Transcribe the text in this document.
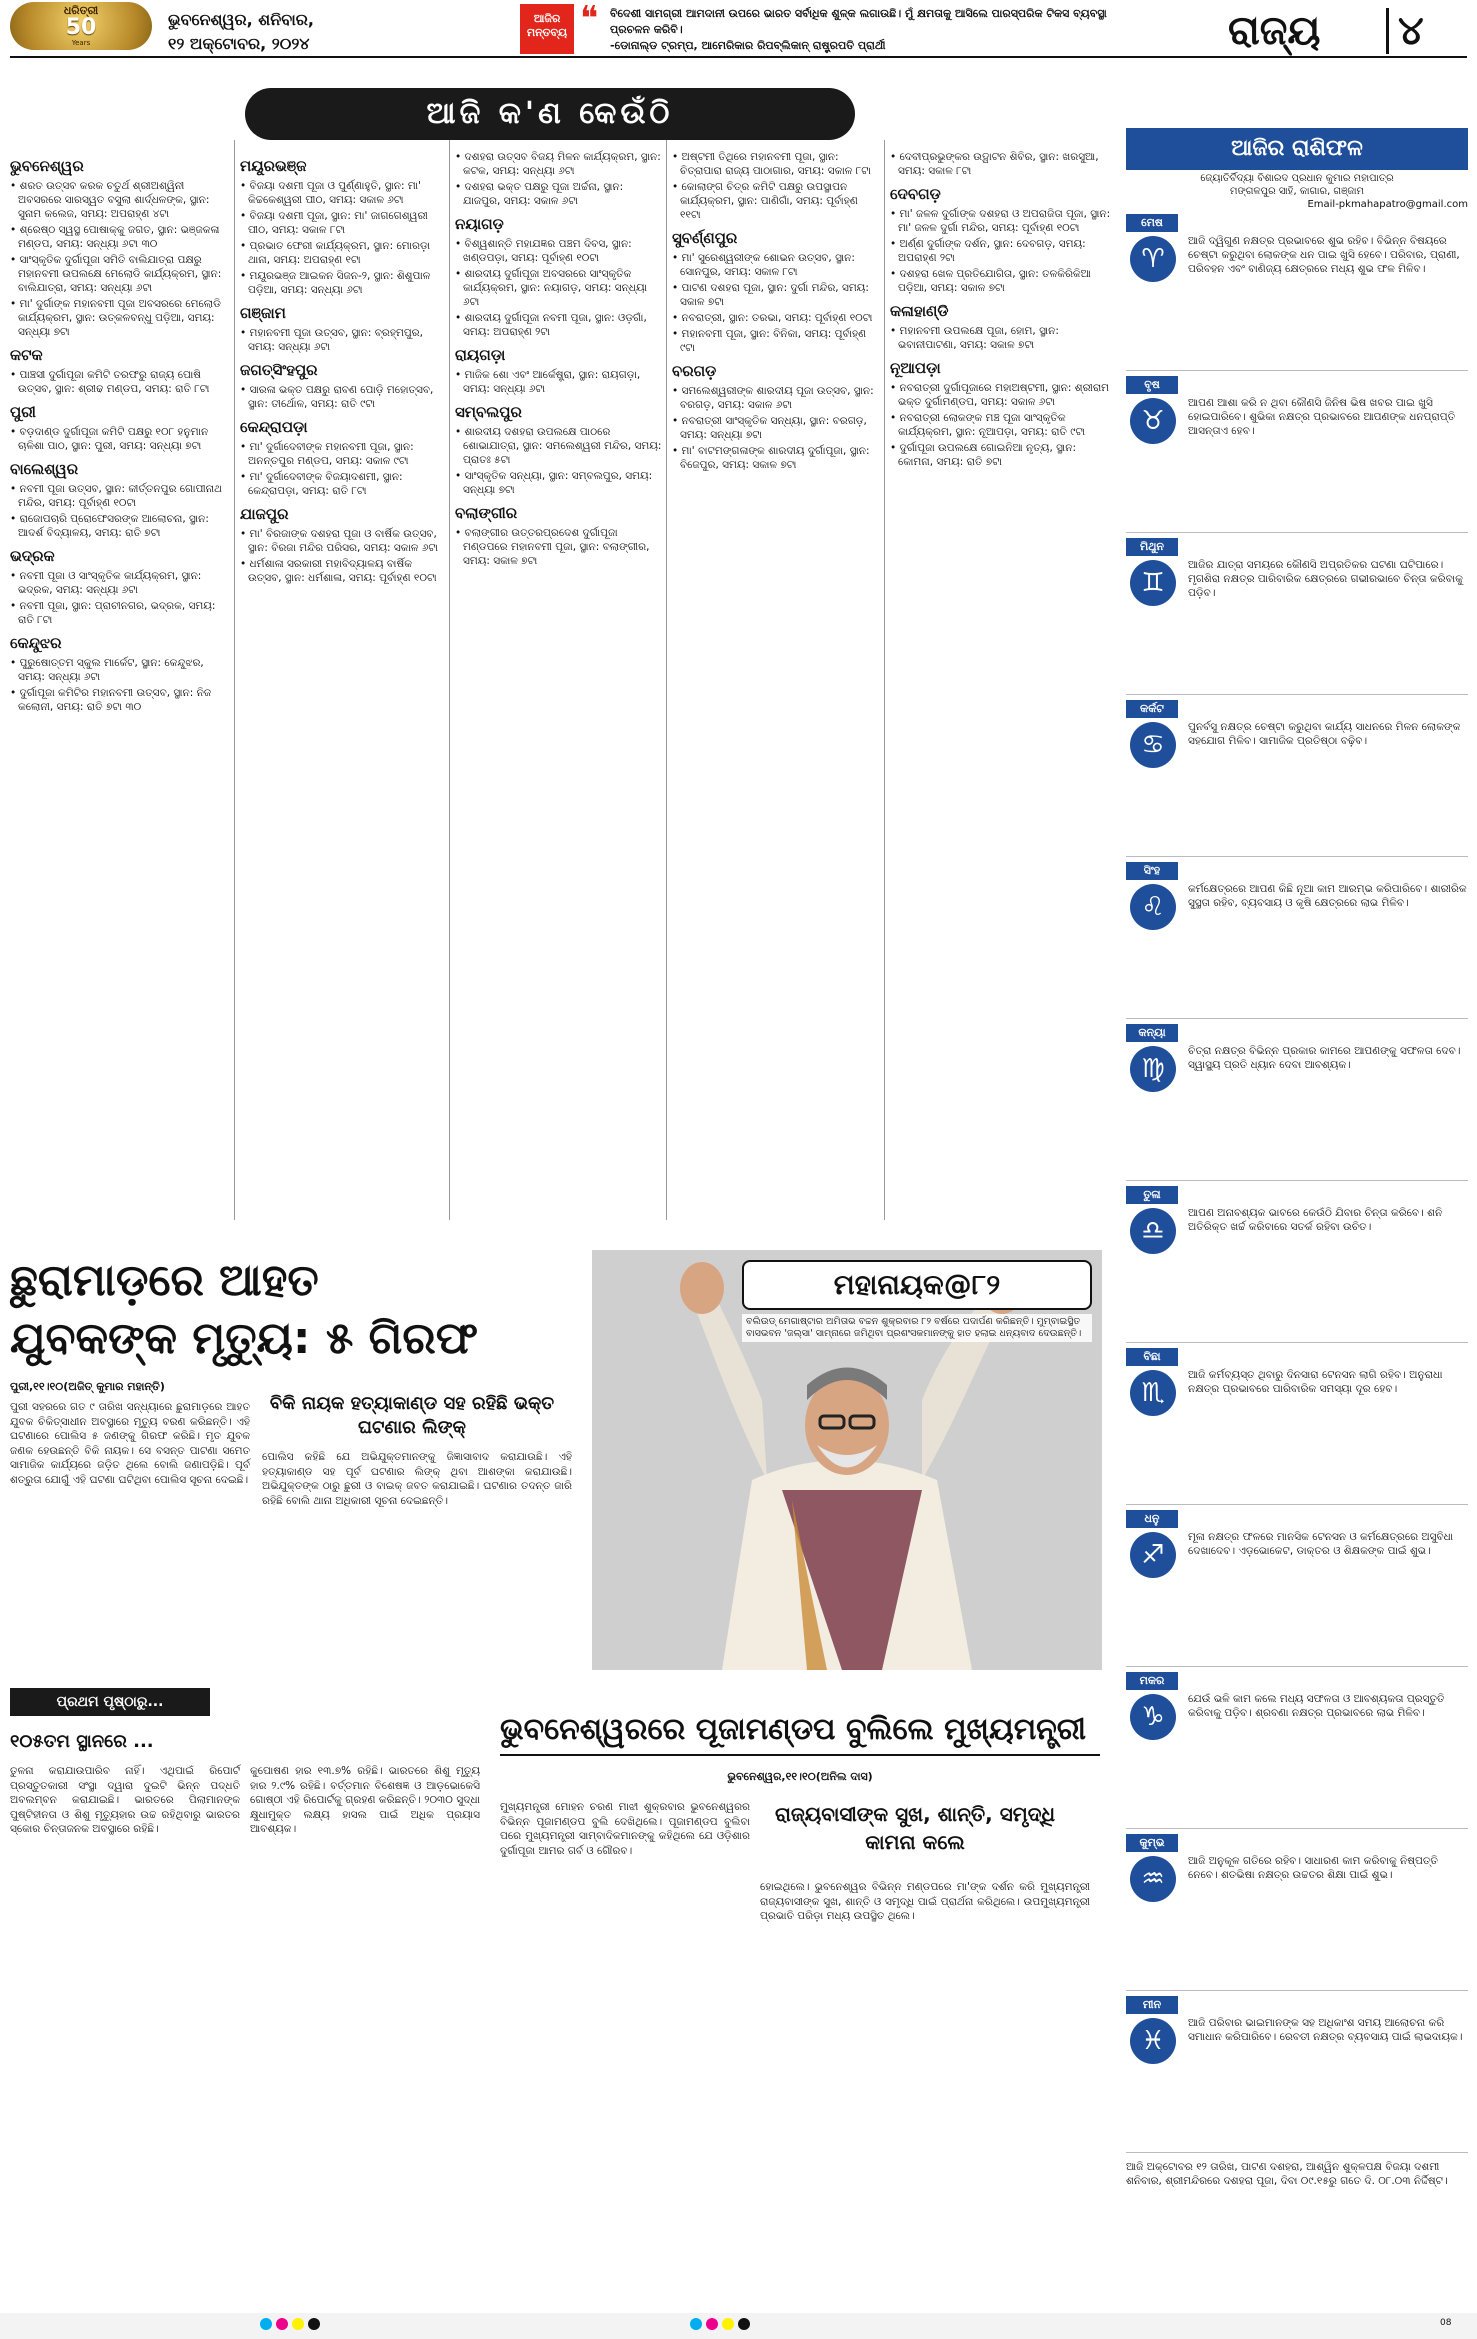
ଧରିତ୍ରୀ
50
Years
ଭୁବନେଶ୍ୱର, ଶନିବାର,
୧୨ ଅକ୍ଟୋବର, ୨୦୨୪
ଆଜିର ମନ୍ତବ୍ୟ ❝ ବିଦେଶୀ ସାମଗ୍ରୀ ଆମଦାନୀ ଉପରେ ଭାରତ ସର୍ବାଧିକ ଶୁଳ୍କ ଲଗାଉଛି। ମୁଁ କ୍ଷମତାକୁ ଆସିଲେ ପାରସ୍ପରିକ ଟିକସ ବ୍ୟବସ୍ଥା ପ୍ରଚଳନ କରିବି।
-ଡୋନାଲ୍ଡ ଟ୍ରମ୍ପ, ଆମେରିକାର ରିପବ୍ଲିକାନ୍ ରାଷ୍ଟ୍ରପତି ପ୍ରାର୍ଥୀ	ରାଜ୍ୟ	୪
ଆଜି କ'ଣ କେଉଁଠି
ଭୁବନେଶ୍ୱର
• ଶରତ ଉତ୍ସବ କରକ ଚତୁର୍ଥ ଶ୍ରୀଅଶ୍ୱିନୀ ଅବସରରେ ସାରସ୍ୱତ ବସୁଲା ଶାର୍ଦ୍ଧଳଙ୍କ, ସ୍ଥାନ: ସୁନାମ କଲେଜ, ସମୟ: ଅପରାହ୍ଣ ୪ଟା
• ଶ୍ରେଷ୍ଠ ସ୍ୱସ୍ଥ ପୋଷାକ୍କୁ ଜଗତ, ସ୍ଥାନ: ଭଞ୍ଜକଳା ମଣ୍ଡପ, ସମୟ: ସନ୍ଧ୍ୟା ୬ଟା ୩୦
• ସାଂସ୍କୃତିକ ଦୁର୍ଗାପୂଜା ସମିତି ବାଲିଯାତ୍ରା ପକ୍ଷରୁ ମହାନବମୀ ଉପଲକ୍ଷେ ମେଲୋଡି କାର୍ଯ୍ୟକ୍ରମ, ସ୍ଥାନ: ବାଲିଯାତ୍ରା, ସମୟ: ସନ୍ଧ୍ୟା ୬ଟା
• ମା' ଦୁର୍ଗାଙ୍କ ମହାନବମୀ ପୂଜା ଅବସରରେ ମେଲୋଡି କାର୍ଯ୍ୟକ୍ରମ, ସ୍ଥାନ: ଉତ୍କଳବନ୍ଧୁ ପଡ଼ିଆ, ସମୟ: ସନ୍ଧ୍ୟା ୭ଟା
କଟକ
• ପାଞ୍ଚସୀ ଦୁର୍ଗାପୂଜା କମିଟି ତରଫରୁ ରାଜ୍ୟ ପୋଷି ଉତ୍ସବ, ସ୍ଥାନ: ଶ୍ରୀଢ ମଣ୍ଡପ, ସମୟ: ରାତି ୮ଟା
ପୁରୀ
• ବଡ଼ଦାଣ୍ଡ ଦୁର୍ଗାପୂଜା କମିଟି ପକ୍ଷରୁ ୧୦୮ ହନୁମାନ ଚାଳିଶା ପାଠ, ସ୍ଥାନ: ପୁରୀ, ସମୟ: ସନ୍ଧ୍ୟା ୭ଟା
ବାଲେଶ୍ୱର
• ନବମୀ ପୂଜା ଉତ୍ସବ, ସ୍ଥାନ: କୀର୍ତ୍ତନପୁର ଗୋପୀନାଥ ମନ୍ଦିର, ସମୟ: ପୂର୍ବାହ୍ଣ ୧୦ଟା
• ରାଜୋପଚାରି ପ୍ରୋଫେସରଙ୍କ ଆଲୋଚନା, ସ୍ଥାନ: ଆଦର୍ଶ ବିଦ୍ୟାଳୟ, ସମୟ: ରାତି ୭ଟା
ଭଦ୍ରକ
• ନବମୀ ପୂଜା ଓ ସାଂସ୍କୃତିକ କାର୍ଯ୍ୟକ୍ରମ, ସ୍ଥାନ: ଭଦ୍ରକ, ସମୟ: ସନ୍ଧ୍ୟା ୬ଟା
• ନବମୀ ପୂଜା, ସ୍ଥାନ: ପ୍ରାଚୀନଗର, ଭଦ୍ରକ, ସମୟ: ରାତି ୮ଟା
କେନ୍ଦୁଝର
• ପୁରୁଷୋତ୍ତମ ସ୍କୁଲ ମାର୍କେଟ, ସ୍ଥାନ: କେନ୍ଦୁଝର, ସମୟ: ସନ୍ଧ୍ୟା ୬ଟା
• ଦୁର୍ଗାପୂଜା କମିଟିର ମହାନବମୀ ଉତ୍ସବ, ସ୍ଥାନ: ନିଜ କଲୋନୀ, ସମୟ: ରାତି ୭ଟା ୩୦
ମୟୂରଭଞ୍ଜ
• ବିଜୟା ଦଶମୀ ପୂଜା ଓ ପୁର୍ଣ୍ଣାହୁତି, ସ୍ଥାନ: ମା' କିଚ୍ଚକେଶ୍ୱରୀ ପୀଠ, ସମୟ: ସକାଳ ୬ଟା
• ବିଜୟା ଦଶମୀ ପୂଜା, ସ୍ଥାନ: ମା' ଜାଗଗେଶ୍ୱରୀ ପୀଠ, ସମୟ: ସକାଳ ୮ଟା
• ପ୍ରଭାତ ଫେରୀ କାର୍ଯ୍ୟକ୍ରମ, ସ୍ଥାନ: ମୋରଡ଼ା ଥାନା, ସମୟ: ଅପରାହ୍ଣ ୧ଟା
• ମୟୂରଭଞ୍ଜ ଆଇକନ ସିଜନ-୨, ସ୍ଥାନ: ଶିଶୁପାଳ ପଡ଼ିଆ, ସମୟ: ସନ୍ଧ୍ୟା ୬ଟା
ଗଞ୍ଜାମ
• ମହାନବମୀ ପୂଜା ଉତ୍ସବ, ସ୍ଥାନ: ବ୍ରହ୍ମପୁର, ସମୟ: ସନ୍ଧ୍ୟା ୬ଟା
ଜଗତ୍ସିଂହପୁର
• ସାରଳା ଭକ୍ତ ପକ୍ଷରୁ ରାବଣ ପୋଡ଼ି ମହୋତ୍ସବ, ସ୍ଥାନ: ତୀର୍ଥୋଳ, ସମୟ: ରାତି ୯ଟା
କେନ୍ଦ୍ରାପଡ଼ା
• ମା' ଦୁର୍ଗାଦେବୀଙ୍କ ମହାନବମୀ ପୂଜା, ସ୍ଥାନ: ଅନନ୍ତପୁର ମଣ୍ଡପ, ସମୟ: ସକାଳ ୯ଟା
• ମା' ଦୁର୍ଗାଦେବୀଙ୍କ ବିଜୟାଦଶମୀ, ସ୍ଥାନ: କେନ୍ଦ୍ରାପଡ଼ା, ସମୟ: ରାତି ୮ଟା
ଯାଜପୁର
• ମା' ବିରଜାଙ୍କ ଦଶହରା ପୂଜା ଓ ବାର୍ଷିକ ଉତ୍ସବ, ସ୍ଥାନ: ବିରଜା ମନ୍ଦିର ପରିସର, ସମୟ: ସକାଳ ୬ଟା
• ଧର୍ମଶାଳା ସରକାରୀ ମହାବିଦ୍ୟାଳୟ ବାର୍ଷିକ ଉତ୍ସବ, ସ୍ଥାନ: ଧର୍ମଶାଳା, ସମୟ: ପୂର୍ବାହ୍ଣ ୧୦ଟା
• ଦଶହରା ଉତ୍ସବ ବିଜୟ ମିଳନ କାର୍ଯ୍ୟକ୍ରମ, ସ୍ଥାନ: କଟକ, ସମୟ: ସନ୍ଧ୍ୟା ୬ଟା
• ଦଶହରା ଭକ୍ତ ପକ୍ଷରୁ ପୂଜା ଅର୍ଚ୍ଚନା, ସ୍ଥାନ: ଯାଜପୁର, ସମୟ: ସକାଳ ୬ଟା
ନୟାଗଡ଼
• ବିଶ୍ୱଶାନ୍ତି ମହାଯଜ୍ଞର ପଞ୍ଚମ ଦିବସ, ସ୍ଥାନ: ଖଣ୍ଡପଡ଼ା, ସମୟ: ପୂର୍ବାହ୍ଣ ୧୦ଟା
• ଶାରଦୀୟ ଦୁର୍ଗାପୂଜା ଅବସରରେ ସାଂସ୍କୃତିକ କାର୍ଯ୍ୟକ୍ରମ, ସ୍ଥାନ: ନୟାଗଡ଼, ସମୟ: ସନ୍ଧ୍ୟା ୬ଟା
• ଶାରଦୀୟ ଦୁର୍ଗାପୂଜା ନବମୀ ପୂଜା, ସ୍ଥାନ: ଓଡ଼ଗାଁ, ସମୟ: ଅପରାହ୍ଣ ୨ଟା
ରାୟଗଡ଼ା
• ମାଜିକ ଶୋ ଏବଂ ଆର୍କେଷ୍ଟ୍ରା, ସ୍ଥାନ: ରାୟଗଡ଼ା, ସମୟ: ସନ୍ଧ୍ୟା ୬ଟା
ସମ୍ବଲପୁର
• ଶାରଦୀୟ ଦଶହରା ଉପଲକ୍ଷେ ପାଠରେ ଶୋଭାଯାତ୍ରା, ସ୍ଥାନ: ସମଲେଶ୍ୱରୀ ମନ୍ଦିର, ସମୟ: ପ୍ରାତଃ ୫ଟା
• ସାଂସ୍କୃତିକ ସନ୍ଧ୍ୟା, ସ୍ଥାନ: ସମ୍ବଲପୁର, ସମୟ: ସନ୍ଧ୍ୟା ୭ଟା
ବଲାଙ୍ଗୀର
• ବଲାଙ୍ଗୀର ଉତ୍ତରପ୍ରଦେଶ ଦୁର୍ଗାପୂଜା ମଣ୍ଡପରେ ମହାନବମୀ ପୂଜା, ସ୍ଥାନ: ବଲାଙ୍ଗୀର, ସମୟ: ସକାଳ ୭ଟା
• ଅଷ୍ଟମୀ ତିଥିରେ ମହାନବମୀ ପୂଜା, ସ୍ଥାନ: ଚିତ୍ରାପାରା ରାଜ୍ୟ ପାଠାଗାର, ସମୟ: ସକାଳ ୮ଟା
• କୋଲାଙ୍ଗ ଚିତ୍ର କମିଟି ପକ୍ଷରୁ ଉପସ୍ଥାପନ କାର୍ଯ୍ୟକ୍ରମ, ସ୍ଥାନ: ପାଣିଗାଁ, ସମୟ: ପୂର୍ବାହ୍ଣ ୧୧ଟା
ସୁବର୍ଣ୍ଣପୁର
• ମା' ସୁରେଶ୍ୱରୀଙ୍କ ଶୋଭନ ଉତ୍ସବ, ସ୍ଥାନ: ସୋନପୁର, ସମୟ: ସକାଳ ୮ଟା
• ପାଟଣ ଦଶହରା ପୂଜା, ସ୍ଥାନ: ଦୁର୍ଗା ମନ୍ଦିର, ସମୟ: ସକାଳ ୭ଟା
• ନବରାତ୍ରୀ, ସ୍ଥାନ: ତରଭା, ସମୟ: ପୂର୍ବାହ୍ଣ ୧୦ଟା
• ମହାନବମୀ ପୂଜା, ସ୍ଥାନ: ବିନିକା, ସମୟ: ପୂର୍ବାହ୍ଣ ୯ଟା
ବରଗଡ଼
• ସମଲେଶ୍ୱରୀଙ୍କ ଶାରଦୀୟ ପୂଜା ଉତ୍ସବ, ସ୍ଥାନ: ବରଗଡ଼, ସମୟ: ସକାଳ ୬ଟା
• ନବରାତ୍ରୀ ସାଂସ୍କୃତିକ ସନ୍ଧ୍ୟା, ସ୍ଥାନ: ବରଗଡ଼, ସମୟ: ସନ୍ଧ୍ୟା ୭ଟା
• ମା' ବାଟମଙ୍ଗଳାଙ୍କ ଶାରଦୀୟ ଦୁର୍ଗାପୂଜା, ସ୍ଥାନ: ବିଜେପୁର, ସମୟ: ସକାଳ ୭ଟା
• ଦେବୀପ୍ରଭୁଙ୍କର ଉଦ୍ଘାଟନ ଶିବିର, ସ୍ଥାନ: ଖରସୁଆ, ସମୟ: ସକାଳ ୮ଟା
ଦେବଗଡ଼
• ମା' ଜଳଳ ଦୁର୍ଗାଙ୍କ ଦଶହରା ଓ ଅପରାଜିତା ପୂଜା, ସ୍ଥାନ: ମା' ଜଳଳ ଦୁର୍ଗା ମନ୍ଦିର, ସମୟ: ପୂର୍ବାହ୍ଣ ୧୦ଟା
• ଅର୍ଣ୍ଣ ଦୁର୍ଗାଙ୍କ ଦର୍ଶନ, ସ୍ଥାନ: ଦେବଗଡ଼, ସମୟ: ଅପରାହ୍ଣ ୨ଟା
• ଦଶହରା ଖେଳ ପ୍ରତିଯୋଗିତା, ସ୍ଥାନ: ତଳକିରିକିଆ ପଡ଼ିଆ, ସମୟ: ସକାଳ ୭ଟା
କଳାହାଣ୍ଡି
• ମହାନବମୀ ଉପଲକ୍ଷେ ପୂଜା, ହୋମ, ସ୍ଥାନ: ଭବାନୀପାଟଣା, ସମୟ: ସକାଳ ୭ଟା
ନୂଆପଡ଼ା
• ନବରାତ୍ରୀ ଦୁର୍ଗାପୂଜାରେ ମହାଅଷ୍ଟମୀ, ସ୍ଥାନ: ଶ୍ରୀରାମ ଭକ୍ତ ଦୁର୍ଗାମଣ୍ଡପ, ସମୟ: ସକାଳ ୬ଟା
• ନବରାତ୍ରୀ ଲୋକଙ୍କ ମଞ୍ଚ ପୂଜା ସାଂସ୍କୃତିକ କାର୍ଯ୍ୟକ୍ରମ, ସ୍ଥାନ: ନୂଆପଡ଼ା, ସମୟ: ରାତି ୯ଟା
• ଦୁର୍ଗାପୂଜା ଉପଲକ୍ଷେ ଗୋଇନିଆ ନୃତ୍ୟ, ସ୍ଥାନ: କୋମନା, ସମୟ: ରାତି ୭ଟା
ଆଜିର ରାଶିଫଳ
ଜ୍ୟୋତିର୍ବିଦ୍ୟା ବିଶାରଦ ପ୍ରଧାନ କୁମାର ମହାପାତ୍ର
ମଙ୍ଗଳପୁର ସାହି, କାଗାର, ଗଞ୍ଜାମ
Email-pkmahapatro@gmail.com
ମେଷ
♈
ଆଜି ଦ୍ୱିଗୁଣ ନକ୍ଷତ୍ର ପ୍ରଭାବରେ ଶୁଭ ରହିବ। ବିଭିନ୍ନ ବିଷୟରେ ଚେଷ୍ଟା କରୁଥିବା ଲୋକଙ୍କ ଧନ ପାଇ ଖୁସି ହେବେ। ପରିବାର, ପ୍ରାଣୀ, ପରିବହନ ଏବଂ ବାଣିଜ୍ୟ କ୍ଷେତ୍ରରେ ମଧ୍ୟ ଶୁଭ ଫଳ ମିଳିବ।
ବୃଷ
♉
ଆପଣ ଆଶା କରି ନ ଥିବା କୌଣସି ଜିନିଷ ଭିଷ ଖବର ପାଇ ଖୁସି ହୋଇପାରିବେ। ଶୁଭିକା ନକ୍ଷତ୍ର ପ୍ରଭାବରେ ଆପଣଙ୍କ ଧନପ୍ରାପ୍ତି ଆସନ୍ତାଏ ହେବ।
ମିଥୁନ
♊
ଆଜିର ଯାତ୍ରା ସମୟରେ କୌଣସି ଅପ୍ରତିକର ଘଟଣା ଘଟିପାରେ। ମୃଗଶିରା ନକ୍ଷତ୍ର ପାରିବାରିକ କ୍ଷେତ୍ରରେ ଗଭୀରଭାବେ ଚିନ୍ତା କରିବାକୁ ପଡ଼ିବ।
କର୍କଟ
♋
ପୁନର୍ବସୁ ନକ୍ଷତ୍ର ଚେଷ୍ଟା କରୁଥିବା କାର୍ଯ୍ୟ ସାଧନରେ ମିଳନ ଲୋକଙ୍କ ସହଯୋଗ ମିଳିବ। ସାମାଜିକ ପ୍ରତିଷ୍ଠା ବଢ଼ିବ।
ସିଂହ
♌
କର୍ମକ୍ଷେତ୍ରରେ ଆପଣ କିଛି ନୂଆ କାମ ଆରମ୍ଭ କରିପାରିବେ। ଶାରୀରିକ ସୁସ୍ଥତା ରହିବ, ବ୍ୟବସାୟ ଓ କୃଷି କ୍ଷେତ୍ରରେ ଲାଭ ମିଳିବ।
କନ୍ୟା
♍
ଚିତ୍ରା ନକ୍ଷତ୍ର ବିଭିନ୍ନ ପ୍ରକାର କାମରେ ଆପଣଙ୍କୁ ସଫଳତା ଦେବ। ସ୍ୱାସ୍ଥ୍ୟ ପ୍ରତି ଧ୍ୟାନ ଦେବା ଆବଶ୍ୟକ।
ତୁଳା
♎
ଆପଣ ଅନାବଶ୍ୟକ ଭାବରେ କେଉଁଠି ଯିବାର ଚିନ୍ତା କରିବେ। ଶନି ଅତିରିକ୍ତ ଖର୍ଚ୍ଚ କରିବାରେ ସତର୍କ ରହିବା ଉଚିତ।
ବିଛା
♏
ଆଜି କର୍ମବ୍ୟସ୍ତ ଥିବାରୁ ଦିନସାରା ଟେନସନ ଲାଗି ରହିବ। ଅନୁରାଧା ନକ୍ଷତ୍ର ପ୍ରଭାବରେ ପାରିବାରିକ ସମସ୍ୟା ଦୂର ହେବ।
ଧନୁ
♐
ମୂଳା ନକ୍ଷତ୍ର ଫଳରେ ମାନସିକ ଟେନସନ ଓ କର୍ମକ୍ଷେତ୍ରରେ ଅସୁବିଧା ଦେଖାଦେବ। ଏଡ଼ଭୋକେଟ, ଡାକ୍ତର ଓ ଶିକ୍ଷକଙ୍କ ପାଇଁ ଶୁଭ।
ମକର
♑
ଯେଉଁ ଭଳି କାମ କଲେ ମଧ୍ୟ ସଫଳତା ଓ ଆବଶ୍ୟକତା ପ୍ରସ୍ତୁତି କରିବାକୁ ପଡ଼ିବ। ଶ୍ରବଣା ନକ୍ଷତ୍ର ପ୍ରଭାବରେ ଲାଭ ମିଳିବ।
କୁମ୍ଭ
♒
ଆଜି ଅନୁକୂଳ ଗତିରେ ରହିବ। ସାଧାରଣ କାମ କରିବାକୁ ନିଷ୍ପତ୍ତି ନେବେ। ଶତଭିଷା ନକ୍ଷତ୍ର ଉଚ୍ଚତର ଶିକ୍ଷା ପାଇଁ ଶୁଭ।
ମୀନ
♓
ଆଜି ପରିବାର ଭାଇମାନଙ୍କ ସହ ଅଧିକାଂଶ ସମୟ ଆଲୋଚନା କରି ସମାଧାନ କରିପାରିବେ। ରେବତୀ ନକ୍ଷତ୍ର ବ୍ୟବସାୟ ପାଇଁ ଲାଭଦାୟକ।
ଆଜି ଅକ୍ଟୋବର ୧୨ ତାରିଖ, ପାଟଣ ଦଶହରା, ଆଶ୍ୱିନ ଶୁକ୍ଳପକ୍ଷ ବିଜୟା ଦଶମୀ ଶନିବାର, ଶ୍ରୀମନ୍ଦିରରେ ଦଶହରା ପୂଜା, ଦିବା ୦୯.୧୫ରୁ ଗତେ ଦି. ୦୮.୦୩ ନିର୍ଦ୍ଦିଷ୍ଟ।
ଛୁରାମାଡ଼ରେ ଆହତ
ଯୁବକଙ୍କ ମୃତ୍ୟୁ: ୫ ଗିରଫ
ପୁରୀ,୧୧।୧୦(ଅଜିତ୍ କୁମାର ମହାନ୍ତି)
ବିକି ନାୟକ ହତ୍ୟାକାଣ୍ଡ ସହ ରହିଛି ଭକ୍ତ ଘଟଣାର ଲିଙ୍କ୍
ପୁରୀ ସହରରେ ଗତ ୯ ତାରିଖ ସନ୍ଧ୍ୟାରେ ଛୁରାମାଡ଼ରେ ଆହତ ଯୁବକ ଚିକିତ୍ସାଧୀନ ଅବସ୍ଥାରେ ମୃତ୍ୟୁ ବରଣ କରିଛନ୍ତି। ଏହି ଘଟଣାରେ ପୋଲିସ ୫ ଜଣଙ୍କୁ ଗିରଫ କରିଛି। ମୃତ ଯୁବକ ଜଣକ ହେଉଛନ୍ତି ବିକି ନାୟକ। ସେ ବସନ୍ତ ପାଟଣା ସମେତ ସାମାଜିକ କାର୍ଯ୍ୟରେ ଜଡ଼ିତ ଥିଲେ ବୋଲି ଜଣାପଡ଼ିଛି। ପୂର୍ବ ଶତ୍ରୁତା ଯୋଗୁଁ ଏହି ଘଟଣା ଘଟିଥିବା ପୋଲିସ ସୂଚନା ଦେଇଛି।
ପୋଲିସ କହିଛି ଯେ ଅଭିଯୁକ୍ତମାନଙ୍କୁ ଜିଜ୍ଞାସାବାଦ କରାଯାଉଛି। ଏହି ହତ୍ୟାକାଣ୍ଡ ସହ ପୂର୍ବ ଘଟଣାର ଲିଙ୍କ୍ ଥିବା ଆଶଙ୍କା କରାଯାଉଛି। ଅଭିଯୁକ୍ତଙ୍କ ଠାରୁ ଛୁରୀ ଓ ବାଇକ୍ ଜବତ କରାଯାଇଛି। ଘଟଣାର ତଦନ୍ତ ଜାରି ରହିଛି ବୋଲି ଥାନା ଅଧିକାରୀ ସୂଚନା ଦେଇଛନ୍ତି।
ମହାନାୟକ@୮୨
ବଲିଉଡ୍ ମେଗାଷ୍ଟାର ଅମିତାଭ ବଚ୍ଚନ ଶୁକ୍ରବାର ୮୨ ବର୍ଷରେ ପଦାର୍ପଣ କରିଛନ୍ତି। ମୁମ୍ବାଇସ୍ଥିତ ବାସଭବନ 'ଜଲ୍ସା' ସାମ୍ନାରେ ଜମିଥିବା ପ୍ରଶଂସକମାନଙ୍କୁ ହାତ ହଲାଇ ଧନ୍ୟବାଦ ଦେଉଛନ୍ତି।
ପ୍ରଥମ ପୃଷ୍ଠାରୁ...
୧୦୫ତମ ସ୍ଥାନରେ ...
ତୁଳନା କରାଯାଉପାରିବ ନାହିଁ। ଏଥିପାଇଁ ରିପୋର୍ଟ ପ୍ରସ୍ତୁତକାରୀ ସଂସ୍ଥା ଦ୍ୱାରା ଦୁଇଟି ଭିନ୍ନ ପଦ୍ଧତି ଅବଲମ୍ବନ କରାଯାଇଛି। ଭାରତରେ ପିଲାମାନଙ୍କ ପୁଷ୍ଟିହୀନତା ଓ ଶିଶୁ ମୃତ୍ୟୁହାର ଉଚ୍ଚ ରହିଥିବାରୁ ଭାରତର ସ୍କୋର ଚିନ୍ତାଜନକ ଅବସ୍ଥାରେ ରହିଛି।
କୁପୋଷଣ ହାର ୧୩.୭% ରହିଛି। ଭାରତରେ ଶିଶୁ ମୃତ୍ୟୁ ହାର ୨.୯% ରହିଛି। ବର୍ତ୍ତମାନ ବିଶେଷଜ୍ଞ ଓ ଆଡ଼ଭୋକେସି ଗୋଷ୍ଠୀ ଏହି ରିପୋର୍ଟକୁ ଗ୍ରହଣ କରିଛନ୍ତି। ୨୦୩୦ ସୁଦ୍ଧା କ୍ଷୁଧାମୁକ୍ତ ଲକ୍ଷ୍ୟ ହାସଲ ପାଇଁ ଅଧିକ ପ୍ରୟାସ ଆବଶ୍ୟକ।
ଭୁବନେଶ୍ୱରରେ ପୂଜାମଣ୍ଡପ ବୁଲିଲେ ମୁଖ୍ୟମନ୍ତ୍ରୀ
ଭୁବନେଶ୍ୱର,୧୧।୧୦(ଅନିଲ ଦାସ)
ମୁଖ୍ୟମନ୍ତ୍ରୀ ମୋହନ ଚରଣ ମାଝୀ ଶୁକ୍ରବାର ଭୁବନେଶ୍ୱରର ବିଭିନ୍ନ ପୂଜାମଣ୍ଡପ ବୁଲି ଦେଖିଥିଲେ। ପୂଜାମଣ୍ଡପ ବୁଲିବା ପରେ ମୁଖ୍ୟମନ୍ତ୍ରୀ ସାମ୍ବାଦିକମାନଙ୍କୁ କହିଥିଲେ ଯେ ଓଡ଼ିଶାର ଦୁର୍ଗାପୂଜା ଆମର ଗର୍ବ ଓ ଗୌରବ।
ରାଜ୍ୟବାସୀଙ୍କ ସୁଖ, ଶାନ୍ତି, ସମୃଦ୍ଧି କାମନା କଲେ
ହୋଇଥିଲେ। ଭୁବନେଶ୍ୱର ବିଭିନ୍ନ ମଣ୍ଡପରେ ମା'ଙ୍କ ଦର୍ଶନ କରି ମୁଖ୍ୟମନ୍ତ୍ରୀ ରାଜ୍ୟବାସୀଙ୍କ ସୁଖ, ଶାନ୍ତି ଓ ସମୃଦ୍ଧି ପାଇଁ ପ୍ରାର୍ଥନା କରିଥିଲେ। ଉପମୁଖ୍ୟମନ୍ତ୍ରୀ ପ୍ରଭାତି ପରିଡ଼ା ମଧ୍ୟ ଉପସ୍ଥିତ ଥିଲେ।
08
